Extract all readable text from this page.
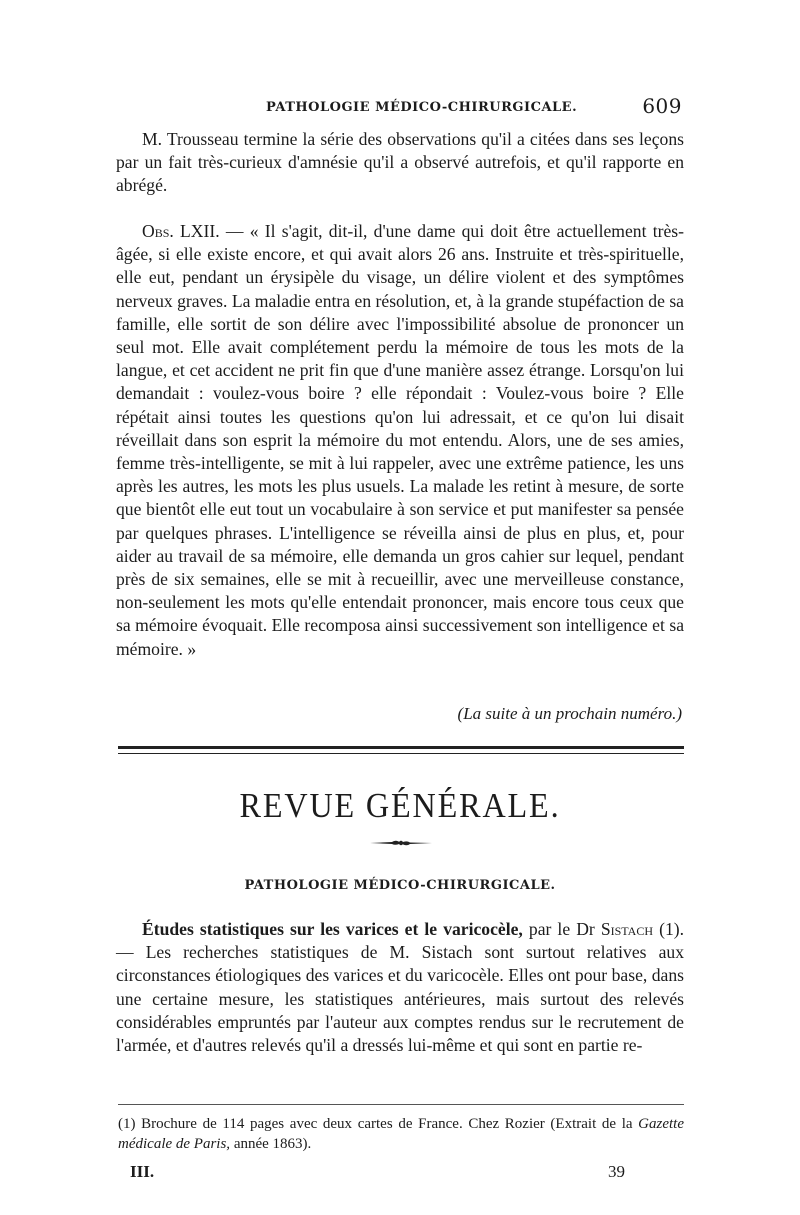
PATHOLOGIE MÉDICO-CHIRURGICALE.	609

M. Trousseau termine la série des observations qu'il a citées dans ses leçons par un fait très-curieux d'amnésie qu'il a observé autrefois, et qu'il rapporte en abrégé.

Obs. LXII. — « Il s'agit, dit-il, d'une dame qui doit être actuellement très-âgée, si elle existe encore, et qui avait alors 26 ans. Instruite et très-spirituelle, elle eut, pendant un érysipèle du visage, un délire violent et des symptômes nerveux graves. La maladie entra en résolution, et, à la grande stupéfaction de sa famille, elle sortit de son délire avec l'impossibilité absolue de prononcer un seul mot. Elle avait complétement perdu la mémoire de tous les mots de la langue, et cet accident ne prit fin que d'une manière assez étrange. Lorsqu'on lui demandait : voulez-vous boire ? elle répondait : Voulez-vous boire ? Elle répétait ainsi toutes les questions qu'on lui adressait, et ce qu'on lui disait réveillait dans son esprit la mémoire du mot entendu. Alors, une de ses amies, femme très-intelligente, se mit à lui rappeler, avec une extrême patience, les uns après les autres, les mots les plus usuels. La malade les retint à mesure, de sorte que bientôt elle eut tout un vocabulaire à son service et put manifester sa pensée par quelques phrases. L'intelligence se réveilla ainsi de plus en plus, et, pour aider au travail de sa mémoire, elle demanda un gros cahier sur lequel, pendant près de six semaines, elle se mit à recueillir, avec une merveilleuse constance, non-seulement les mots qu'elle entendait prononcer, mais encore tous ceux que sa mémoire évoquait. Elle recomposa ainsi successivement son intelligence et sa mémoire. »

(La suite à un prochain numéro.)
REVUE GÉNÉRALE.
PATHOLOGIE MÉDICO-CHIRURGICALE.

Études statistiques sur les varices et le varicocèle, par le Dr Sistach (1). — Les recherches statistiques de M. Sistach sont surtout relatives aux circonstances étiologiques des varices et du varicocèle. Elles ont pour base, dans une certaine mesure, les statistiques antérieures, mais surtout des relevés considérables empruntés par l'auteur aux comptes rendus sur le recrutement de l'armée, et d'autres relevés qu'il a dressés lui-même et qui sont en partie re-

(1) Brochure de 114 pages avec deux cartes de France. Chez Rozier (Extrait de la Gazette médicale de Paris, année 1863).
III.	39
